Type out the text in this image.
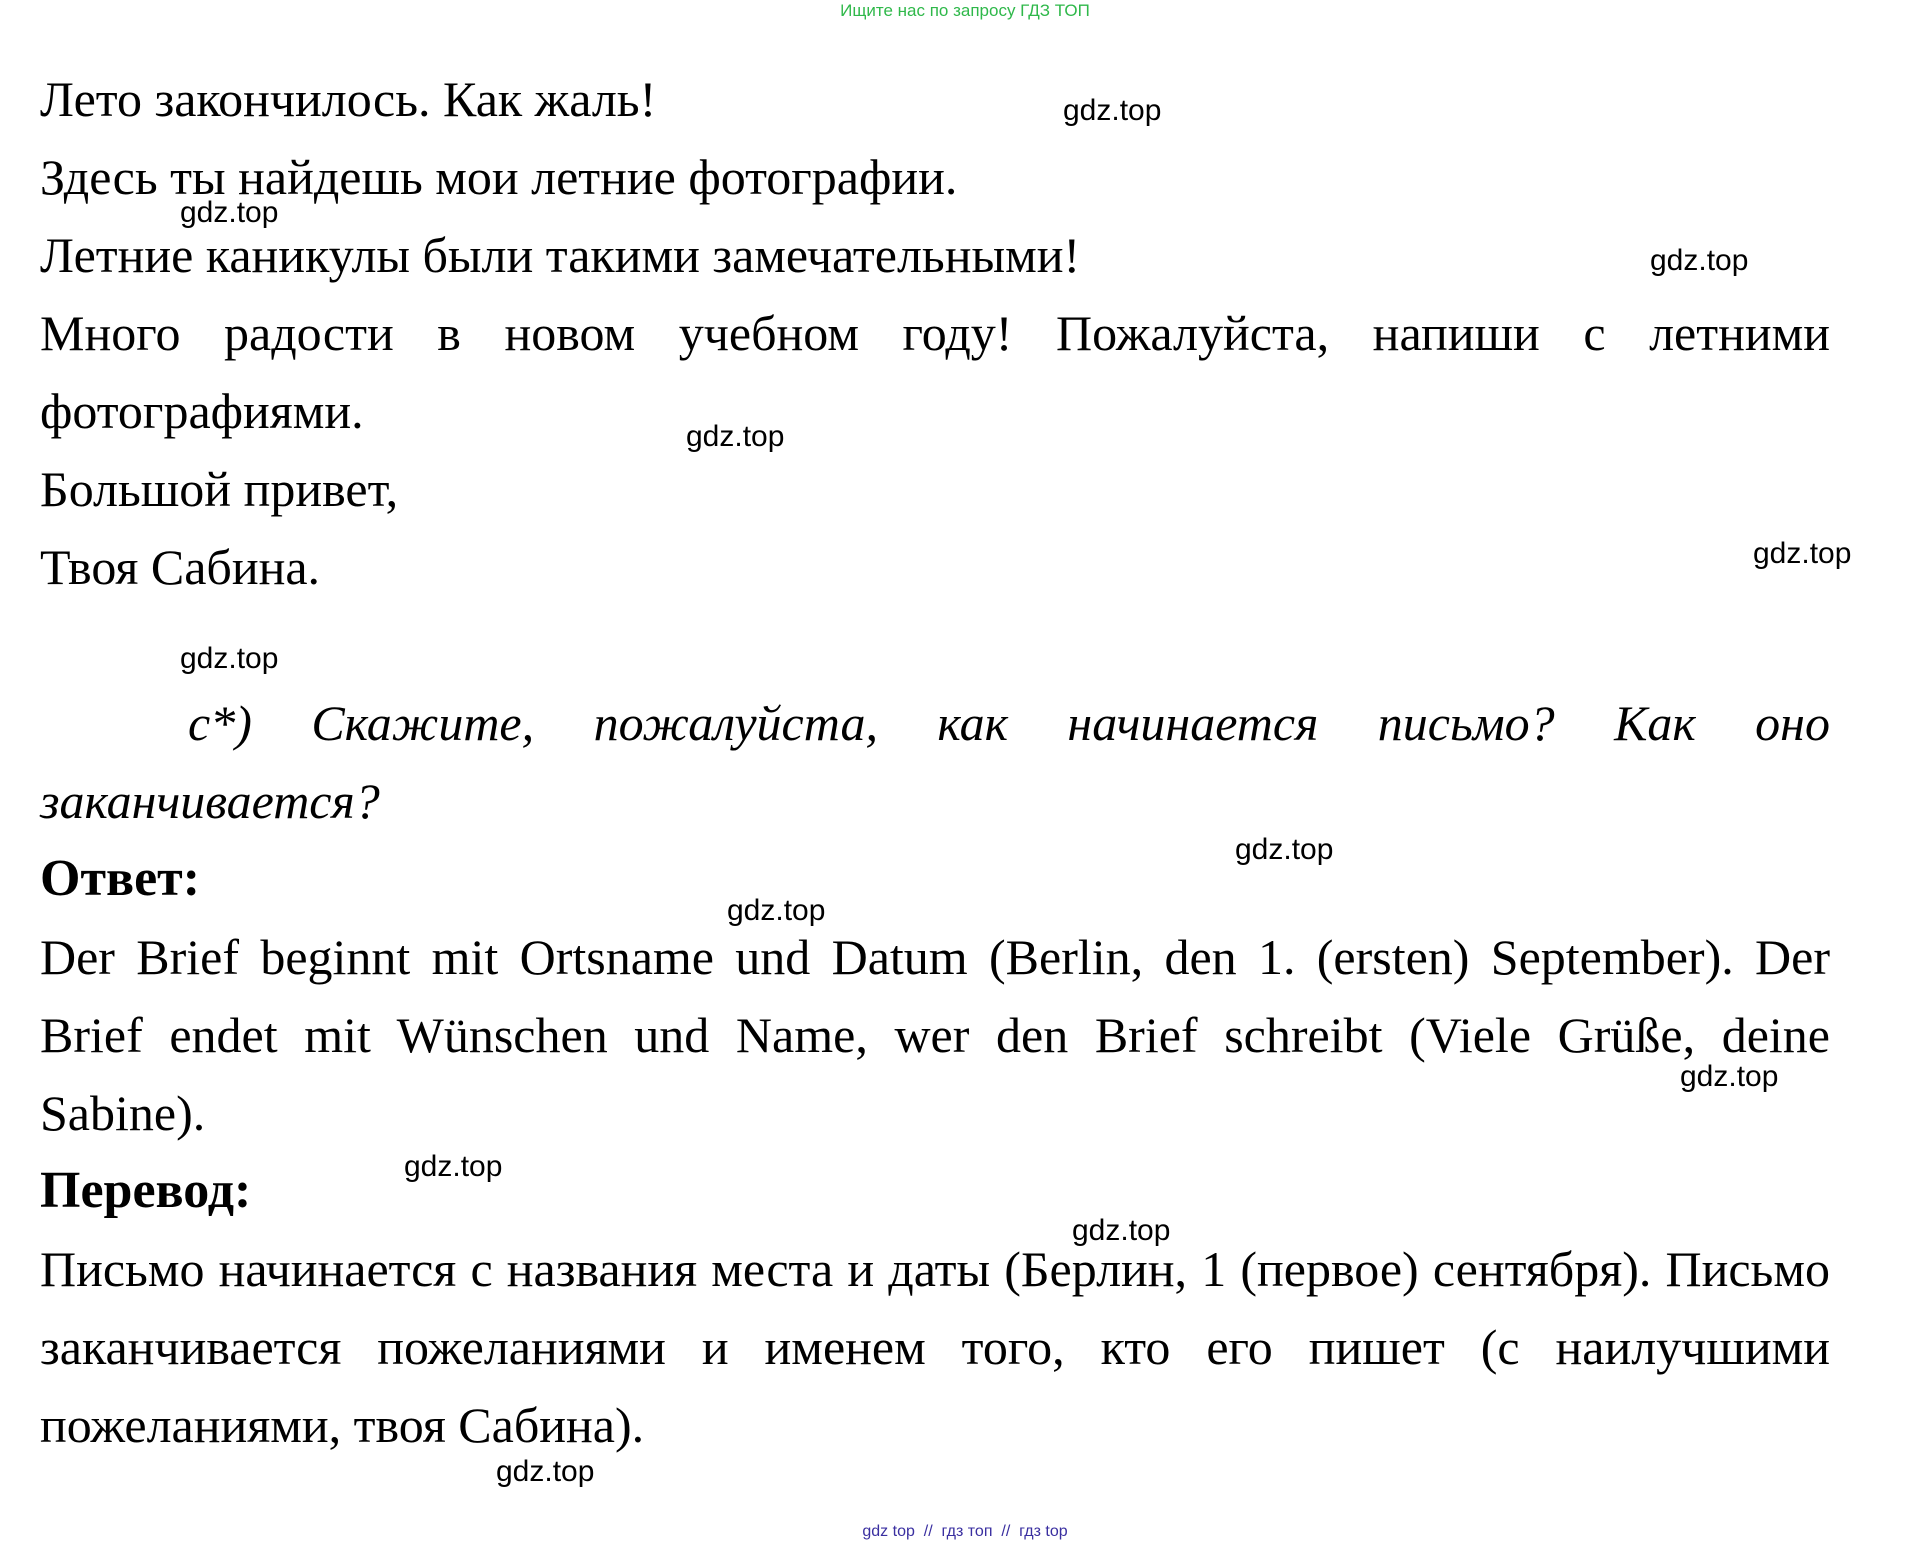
Ищите нас по запросу ГДЗ ТОП
Лето закончилось. Как жаль!
Здесь ты найдешь мои летние фотографии.
Летние каникулы были такими замечательными!
Много радости в новом учебном году! Пожалуйста, напиши с летними фотографиями.
Большой привет,
Твоя Сабина.
с*) Скажите, пожалуйста, как начинается письмо? Как оно заканчивается?
Ответ:
Der Brief beginnt mit Ortsname und Datum (Berlin, den 1. (ersten) September). Der Brief endet mit Wünschen und Name, wer den Brief schreibt (Viele Grüße, deine Sabine).
Перевод:
Письмо начинается с названия места и даты (Берлин, 1 (первое) сентября). Письмо заканчивается пожеланиями и именем того, кто его пишет (с наилучшими пожеланиями, твоя Сабина).
gdz.top
gdz.top
gdz.top
gdz.top
gdz.top
gdz.top
gdz.top
gdz.top
gdz.top
gdz.top
gdz.top
gdz.top
gdz top  //  гдз топ  //  гдз top
